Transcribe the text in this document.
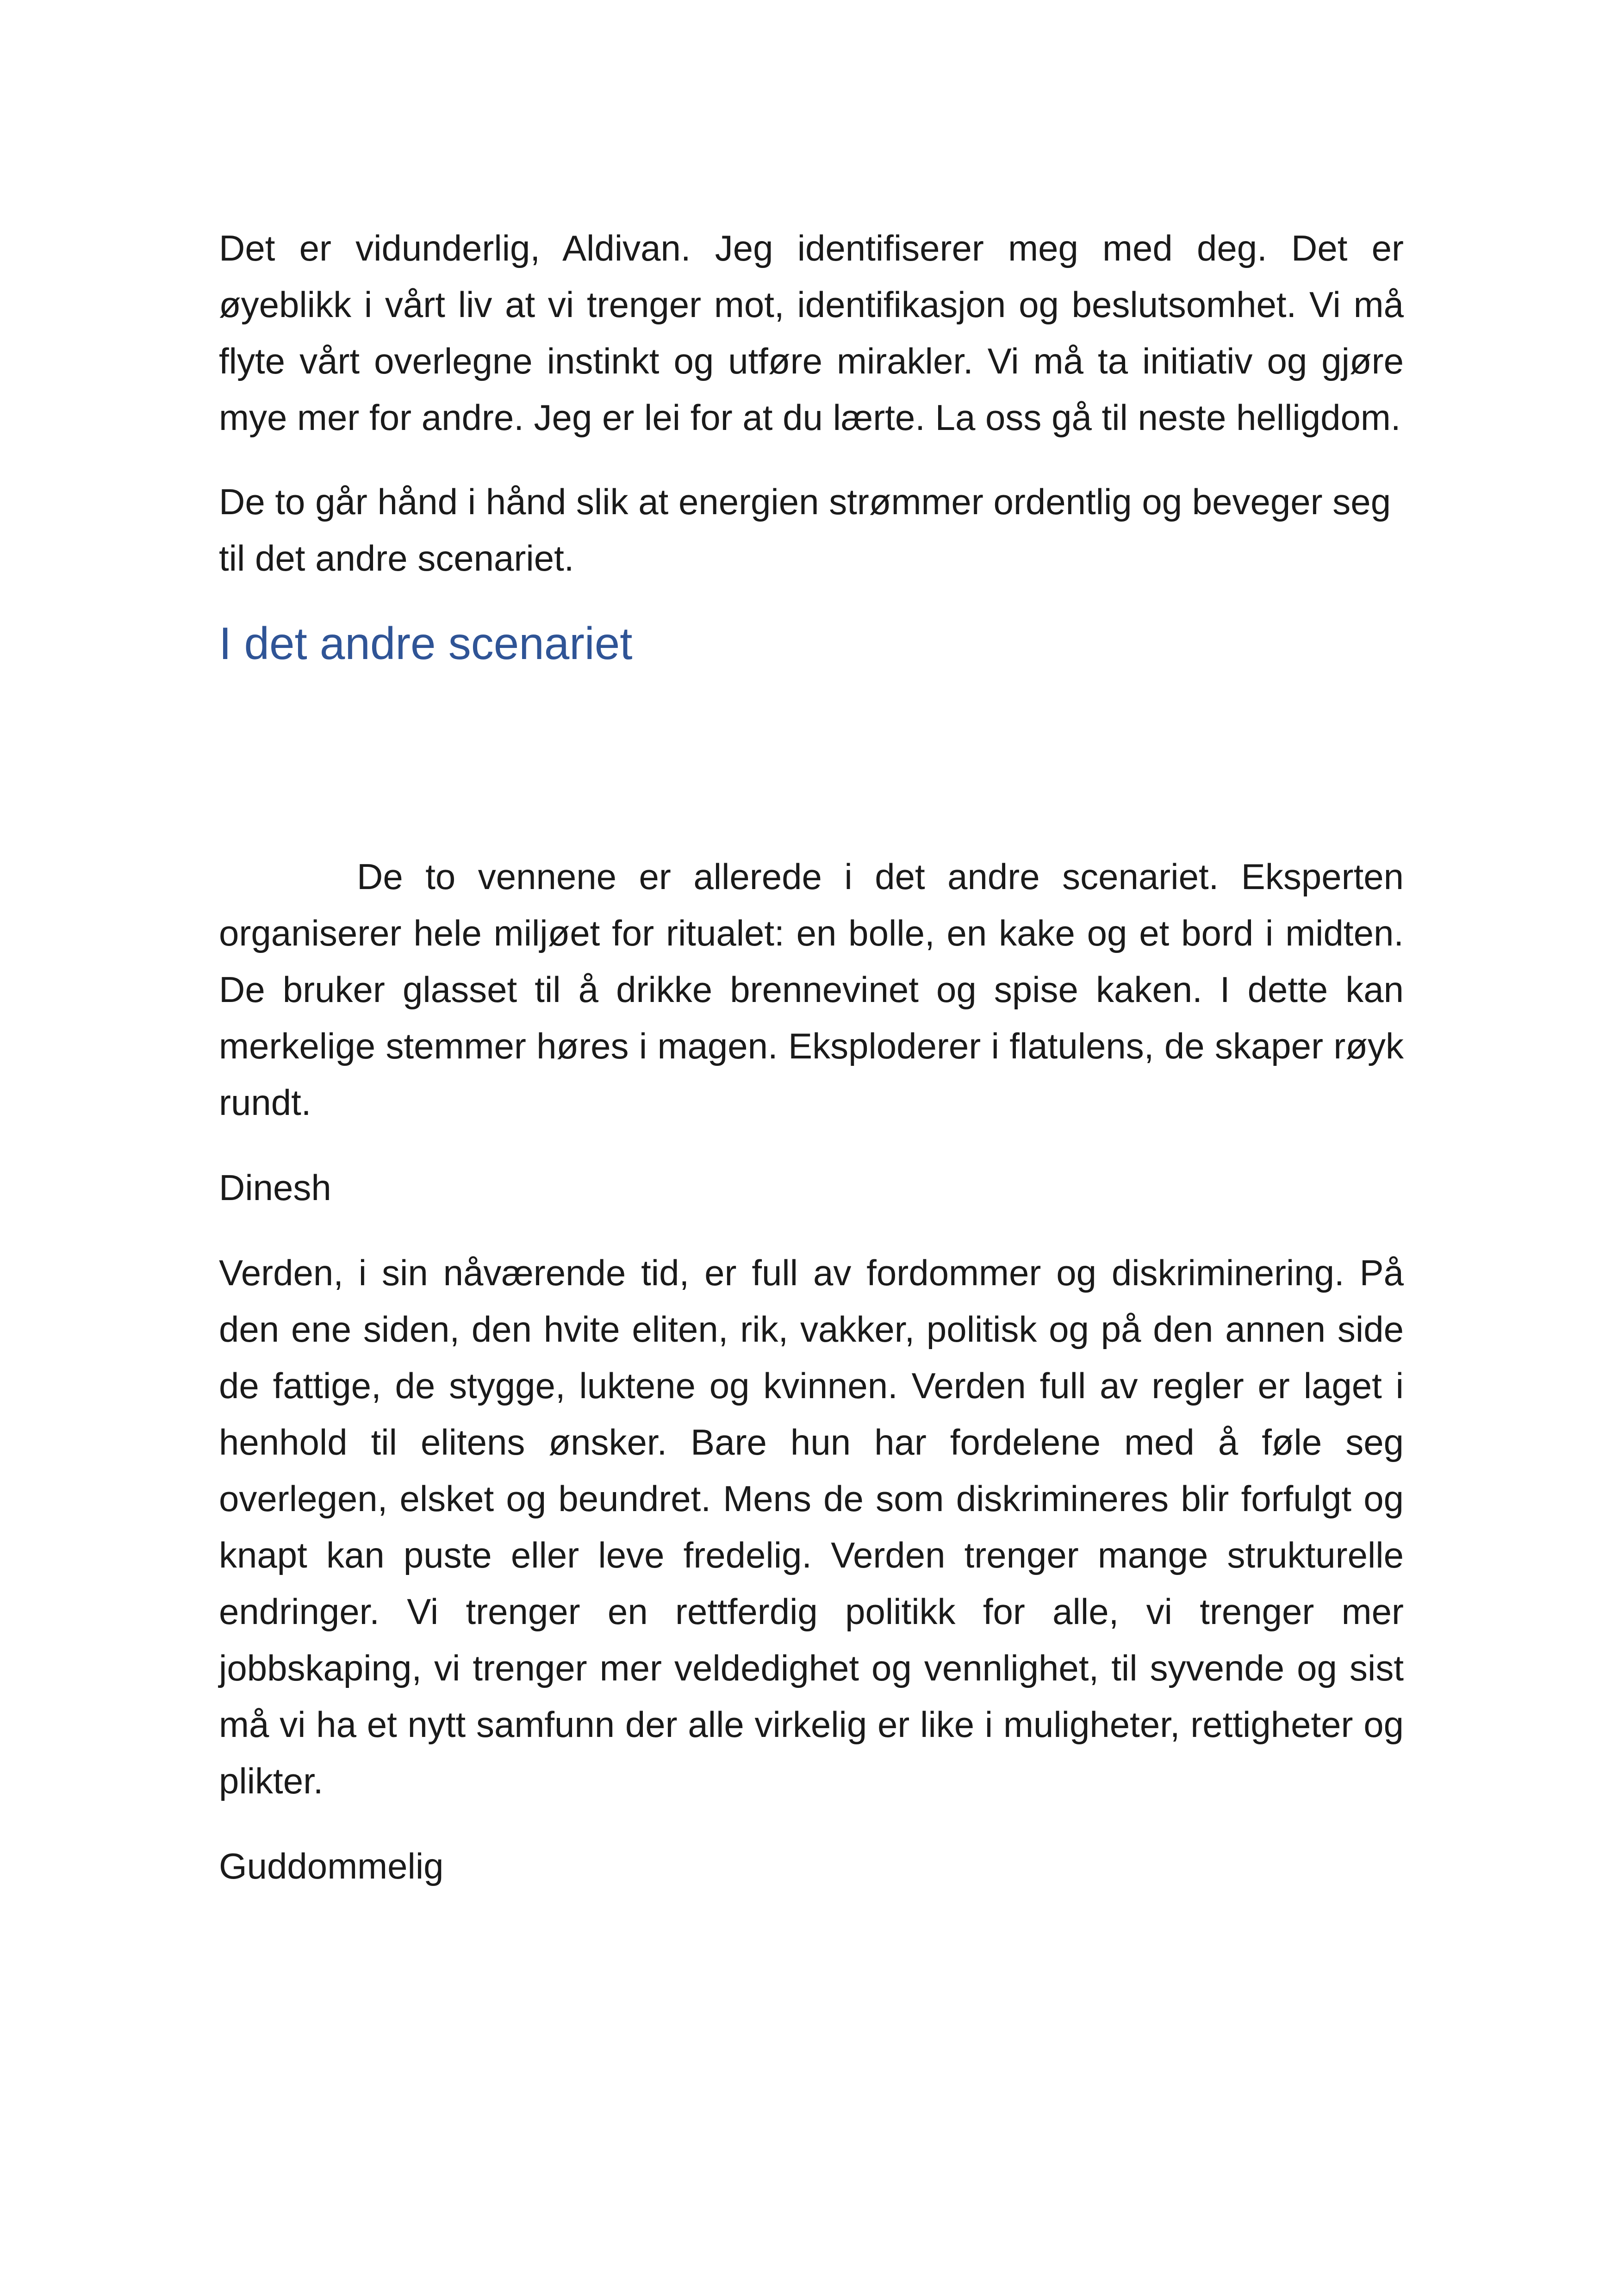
Det er vidunderlig, Aldivan. Jeg identifiserer meg med deg. Det er øyeblikk i vårt liv at vi trenger mot, identifikasjon og beslutsomhet. Vi må flyte vårt overlegne instinkt og utføre mirakler. Vi må ta initiativ og gjøre mye mer for andre. Jeg er lei for at du lærte. La oss gå til neste helligdom.

De to går hånd i hånd slik at energien strømmer ordentlig og beveger seg til det andre scenariet.

I det andre scenariet

De to vennene er allerede i det andre scenariet. Eksperten organiserer hele miljøet for ritualet: en bolle, en kake og et bord i midten. De bruker glasset til å drikke brennevinet og spise kaken. I dette kan merkelige stemmer høres i magen. Eksploderer i flatulens, de skaper røyk rundt.

Dinesh

Verden, i sin nåværende tid, er full av fordommer og diskriminering. På den ene siden, den hvite eliten, rik, vakker, politisk og på den annen side de fattige, de stygge, luktene og kvinnen. Verden full av regler er laget i henhold til elitens ønsker. Bare hun har fordelene med å føle seg overlegen, elsket og beundret. Mens de som diskrimineres blir forfulgt og knapt kan puste eller leve fredelig. Verden trenger mange strukturelle endringer. Vi trenger en rettferdig politikk for alle, vi trenger mer jobbskaping, vi trenger mer veldedighet og vennlighet, til syvende og sist må vi ha et nytt samfunn der alle virkelig er like i muligheter, rettigheter og plikter.

Guddommelig
